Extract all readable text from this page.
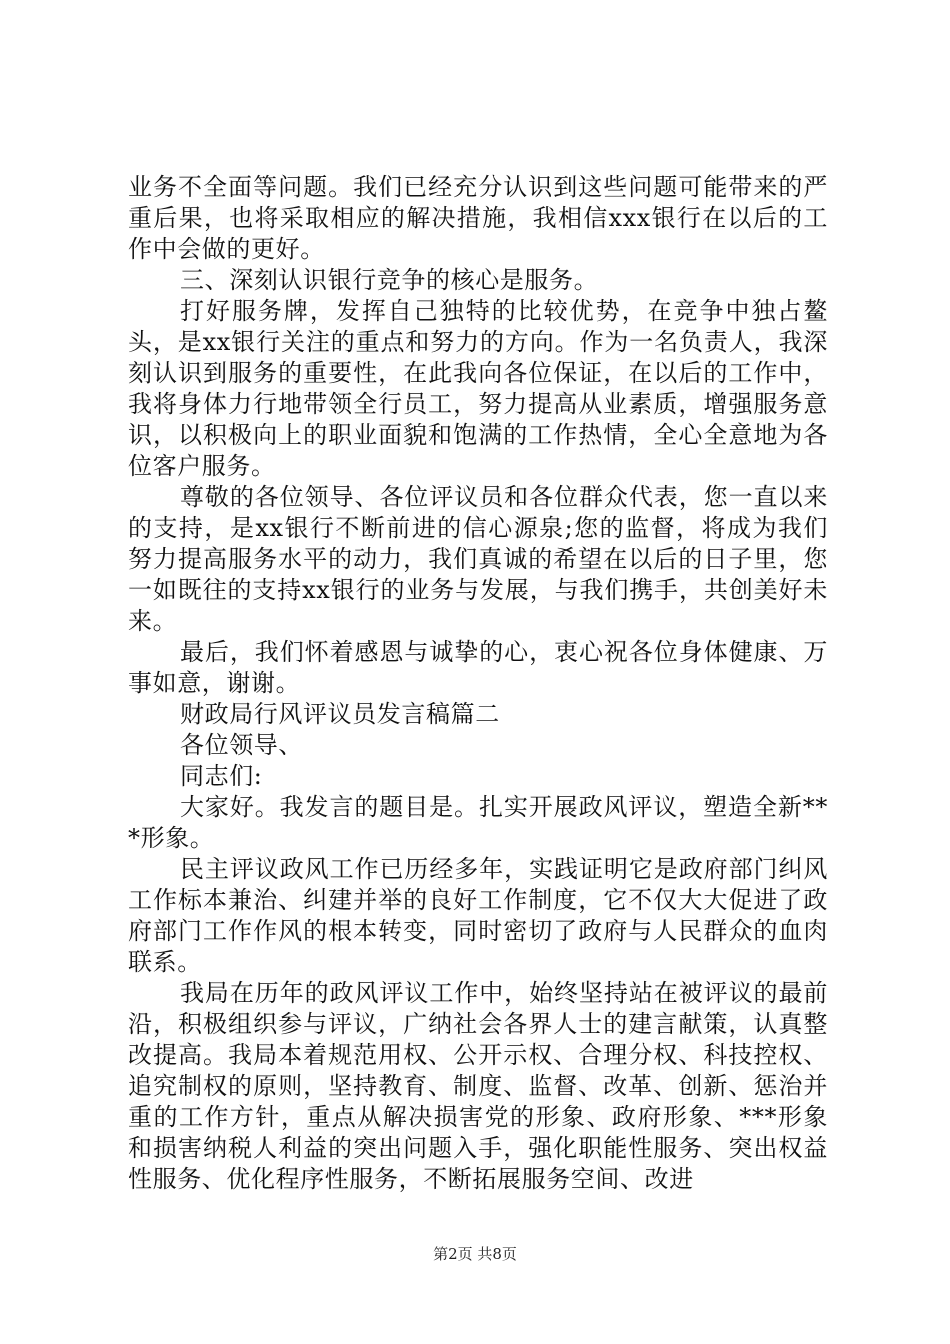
业务不全面等问题。我们已经充分认识到这些问题可能带来的严重后果，也将采取相应的解决措施，我相信xxx银行在以后的工作中会做的更好。

三、深刻认识银行竞争的核心是服务。

打好服务牌，发挥自己独特的比较优势，在竞争中独占鳌头，是xx银行关注的重点和努力的方向。作为一名负责人，我深刻认识到服务的重要性，在此我向各位保证，在以后的工作中，我将身体力行地带领全行员工，努力提高从业素质，增强服务意识，以积极向上的职业面貌和饱满的工作热情，全心全意地为各位客户服务。

尊敬的各位领导、各位评议员和各位群众代表，您一直以来的支持，是xx银行不断前进的信心源泉;您的监督，将成为我们努力提高服务水平的动力，我们真诚的希望在以后的日子里，您一如既往的支持xx银行的业务与发展，与我们携手，共创美好未来。

最后，我们怀着感恩与诚挚的心，衷心祝各位身体健康、万事如意，谢谢。

财政局行风评议员发言稿篇二

各位领导、

同志们:

大家好。我发言的题目是。扎实开展政风评议，塑造全新***形象。

民主评议政风工作已历经多年，实践证明它是政府部门纠风工作标本兼治、纠建并举的良好工作制度，它不仅大大促进了政府部门工作作风的根本转变，同时密切了政府与人民群众的血肉联系。

我局在历年的政风评议工作中，始终坚持站在被评议的最前沿，积极组织参与评议，广纳社会各界人士的建言献策，认真整改提高。我局本着规范用权、公开示权、合理分权、科技控权、追究制权的原则，坚持教育、制度、监督、改革、创新、惩治并重的工作方针，重点从解决损害党的形象、政府形象、***形象和损害纳税人利益的突出问题入手，强化职能性服务、突出权益性服务、优化程序性服务，不断拓展服务空间、改进

第2页 共8页
